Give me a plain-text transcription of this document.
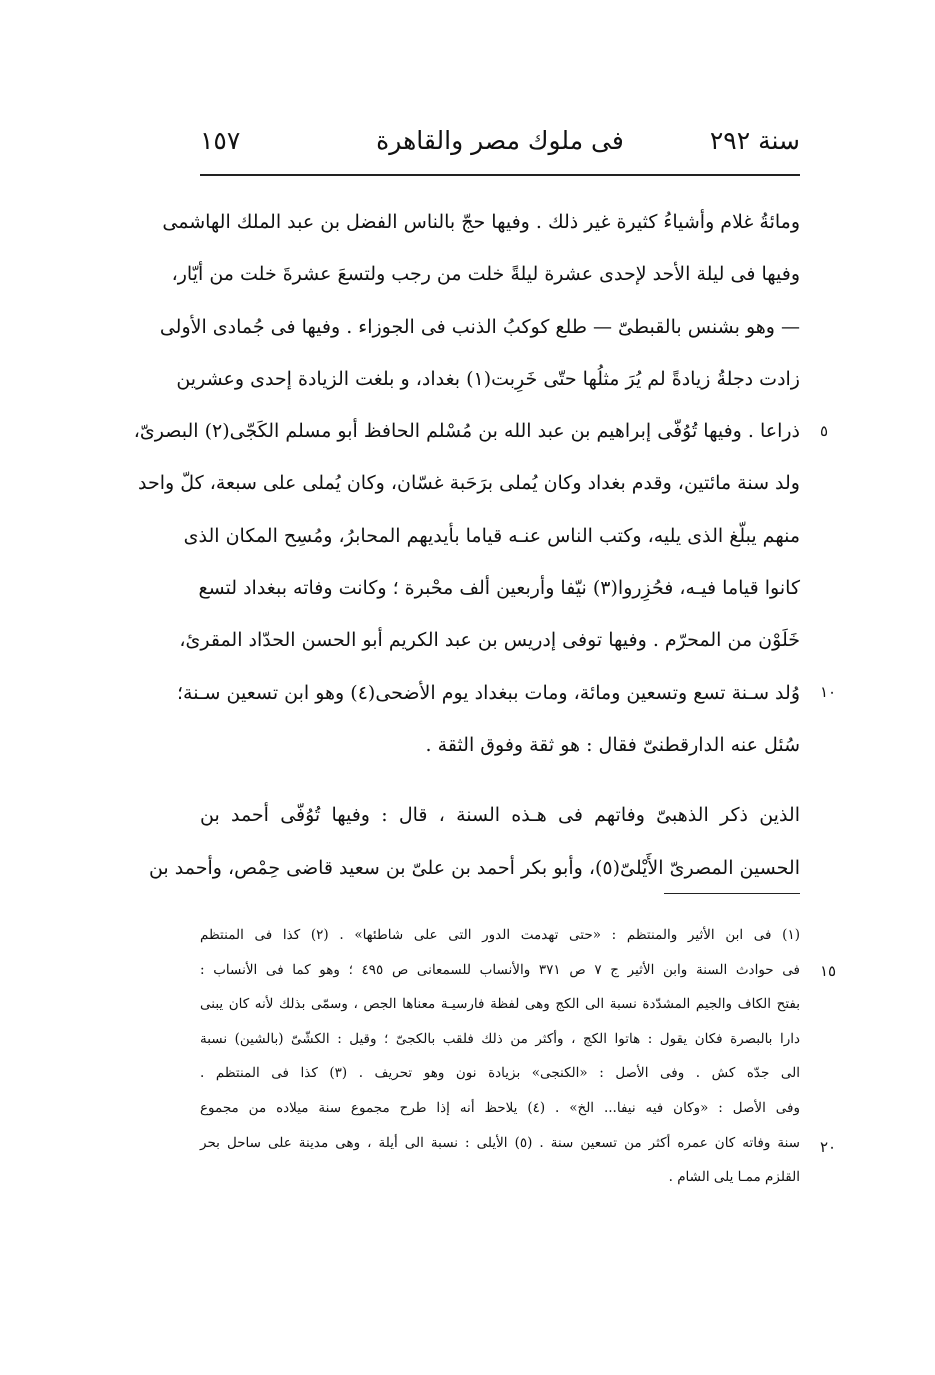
١٥٧	فى ملوك مصر والقاهرة	سنة ٢٩٢
ومائةُ غلام وأشياءُ كثيرة غير ذلك . وفيها حجّ بالناس الفضل بن عبد الملك الهاشمى
وفيها فى ليلة الأحد لإحدى عشرة ليلةً خلت من رجب ولتسعَ عشرةَ خلت من أيّار،
— وهو بشنس بالقبطىّ — طلع كوكبُ الذنب فى الجوزاء . وفيها فى جُمادى الأولى
زادت دجلةُ زيادةً لم يُرَ مثلُها حتّى خَرِبت(١) بغداد، و بلغت الزيادة إحدى وعشرين
ذراعا . وفيها تُوُفّى إبراهيم بن عبد الله بن مُسْلم الحافظ أبو مسلم الكَجّى(٢) البصرىّ،
ولد سنة مائتين، وقدم بغداد وكان يُملى برَحَبة غسّان، وكان يُملى على سبعة، كلّ واحد
منهم يبلّغ الذى يليه، وكتب الناس عنـه قياما بأيديهم المحابرُ، ومُسِح المكان الذى
كانوا قياما فيـه، فحُزِروا(٣) نيّفا وأربعين ألف محْبرة ؛ وكانت وفاته ببغداد لتسع
خَلَوْن من المحرّم . وفيها توفى إدريس بن عبد الكريم أبو الحسن الحدّاد المقرئ،
وُلد سـنة تسع وتسعين ومائة، ومات ببغداد يوم الأضحى(٤) وهو ابن تسعين سـنة؛
سُئل عنه الدارقطنىّ فقال : هو ثقة وفوق الثقة .
الذين ذكر الذهبىّ وفاتهم فى هـذه السنة ، قال : وفيها تُوُفّى أحمد بن
الحسين المصرىّ الأَيْلىّ(٥)، وأبو بكر أحمد بن علىّ بن سعيد قاضى حِمْص، وأحمد بن
(١) فى ابن الأثير والمنتظم : «حتى تهدمت الدور التى على شاطئها» . (٢) كذا فى المنتظم
فى حوادث السنة وابن الأثير ج ٧ ص ٣٧١ والأنساب للسمعانى ص ٤٩٥ ؛ وهو كما فى الأنساب :
بفتح الكاف والجيم المشدّدة نسبة الى الكج وهى لفظة فارسيـة معناها الجص ، وسمّى بذلك لأنه كان يبنى
دارا بالبصرة فكان يقول : هاتوا الكج ، وأكثر من ذلك فلقب بالكجىّ ؛ وقيل : الكشّىّ (بالشين) نسبة
الى جدّه كش . وفى الأصل : «الكنجى» بزيادة نون وهو تحريف . (٣) كذا فى المنتظم .
وفى الأصل : «وكان فيه نيفا... الخ» . (٤) يلاحظ أنه إذا طرح مجموع سنة ميلاده من مجموع
سنة وفاته كان عمره أكثر من تسعين سنة . (٥) الأيلى : نسبة الى أيلة ، وهى مدينة على ساحل بحر
القلزم ممـا يلى الشام .
٥
١٠
١٥
٢٠
